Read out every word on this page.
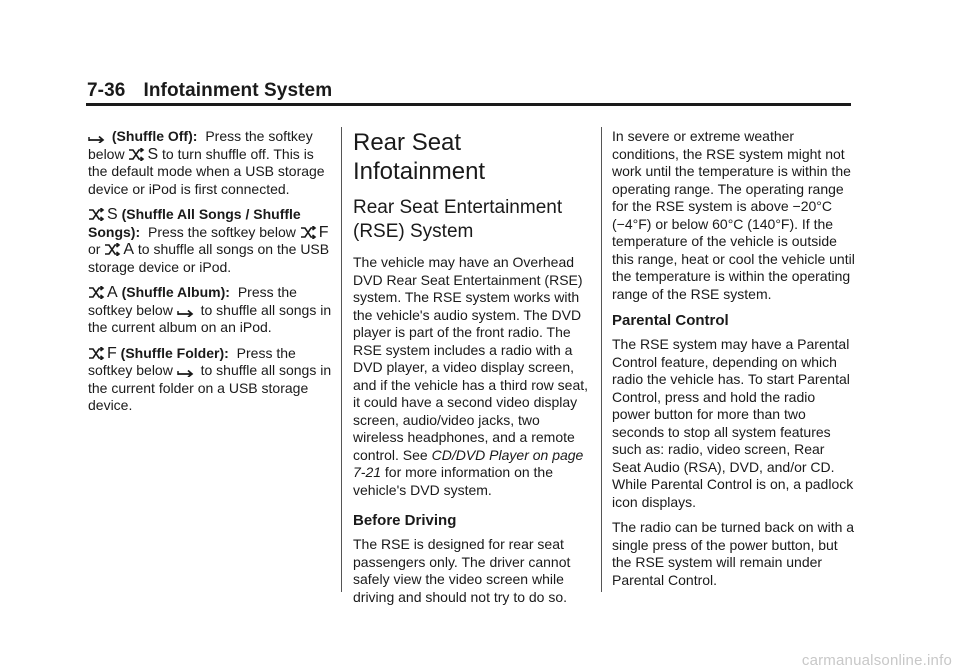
7-36 Infotainment System

(Shuffle Off): Press the softkey below S to turn shuffle off. This is the default mode when a USB storage device or iPod is first connected.

S (Shuffle All Songs / Shuffle Songs): Press the softkey below F or A to shuffle all songs on the USB storage device or iPod.

A (Shuffle Album): Press the softkey below to shuffle all songs in the current album on an iPod.

F (Shuffle Folder): Press the softkey below to shuffle all songs in the current folder on a USB storage device.

Rear Seat Infotainment
Rear Seat Entertainment (RSE) System

The vehicle may have an Overhead DVD Rear Seat Entertainment (RSE) system. The RSE system works with the vehicle's audio system. The DVD player is part of the front radio. The RSE system includes a radio with a DVD player, a video display screen, and if the vehicle has a third row seat, it could have a second video display screen, audio/video jacks, two wireless headphones, and a remote control. See CD/DVD Player on page 7-21 for more information on the vehicle's DVD system.

Before Driving

The RSE is designed for rear seat passengers only. The driver cannot safely view the video screen while driving and should not try to do so.

In severe or extreme weather conditions, the RSE system might not work until the temperature is within the operating range. The operating range for the RSE system is above −20°C (−4°F) or below 60°C (140°F). If the temperature of the vehicle is outside this range, heat or cool the vehicle until the temperature is within the operating range of the RSE system.

Parental Control

The RSE system may have a Parental Control feature, depending on which radio the vehicle has. To start Parental Control, press and hold the radio power button for more than two seconds to stop all system features such as: radio, video screen, Rear Seat Audio (RSA), DVD, and/or CD. While Parental Control is on, a padlock icon displays.

The radio can be turned back on with a single press of the power button, but the RSE system will remain under Parental Control.

carmanualsonline.info
